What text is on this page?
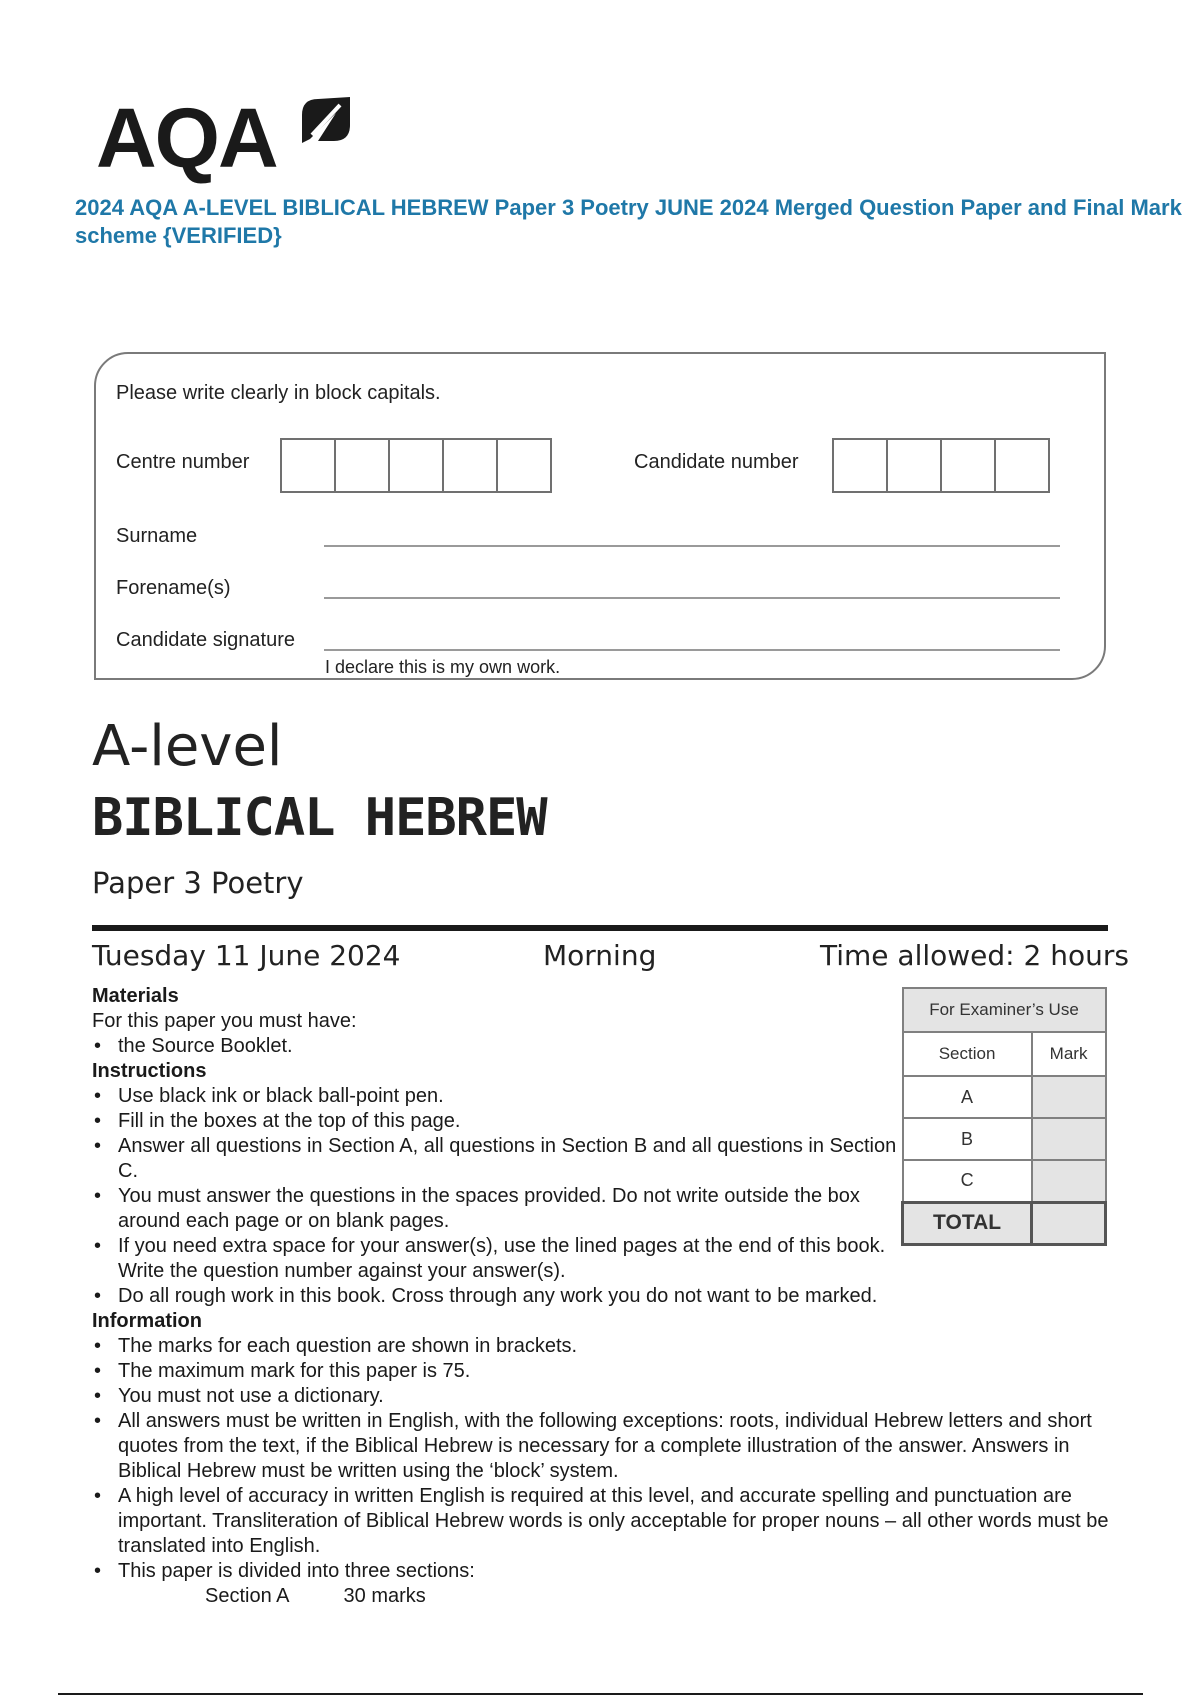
AQA
2024 AQA A-LEVEL BIBLICAL HEBREW Paper 3 Poetry JUNE 2024 Merged Question Paper and Final Mark scheme {VERIFIED}
Please write clearly in block capitals.
Centre number	Candidate number
Surname
Forename(s)
Candidate signature
I declare this is my own work.
A-level
BIBLICAL HEBREW
Paper 3 Poetry
Tuesday 11 June 2024	Morning	Time allowed: 2 hours
For Examiner’s Use	
Section	Mark
A	
B	
C	
TOTAL	
Materials
For this paper you must have:
• the Source Booklet.
Instructions
• Use black ink or black ball-point pen.
• Fill in the boxes at the top of this page.
• Answer all questions in Section A, all questions in Section B and all questions in Section C.
• You must answer the questions in the spaces provided. Do not write outside the box around each page or on blank pages.
• If you need extra space for your answer(s), use the lined pages at the end of this book. Write the question number against your answer(s).
• Do all rough work in this book. Cross through any work you do not want to be marked.
Information
• The marks for each question are shown in brackets.
• The maximum mark for this paper is 75.
• You must not use a dictionary.
• All answers must be written in English, with the following exceptions: roots, individual Hebrew letters and short quotes from the text, if the Biblical Hebrew is necessary for a complete illustration of the answer. Answers in Biblical Hebrew must be written using the ‘block’ system.
• A high level of accuracy in written English is required at this level, and accurate spelling and punctuation are important. Transliteration of Biblical Hebrew words is only acceptable for proper nouns – all other words must be translated into English.
• This paper is divided into three sections:
Section A	30 marks
